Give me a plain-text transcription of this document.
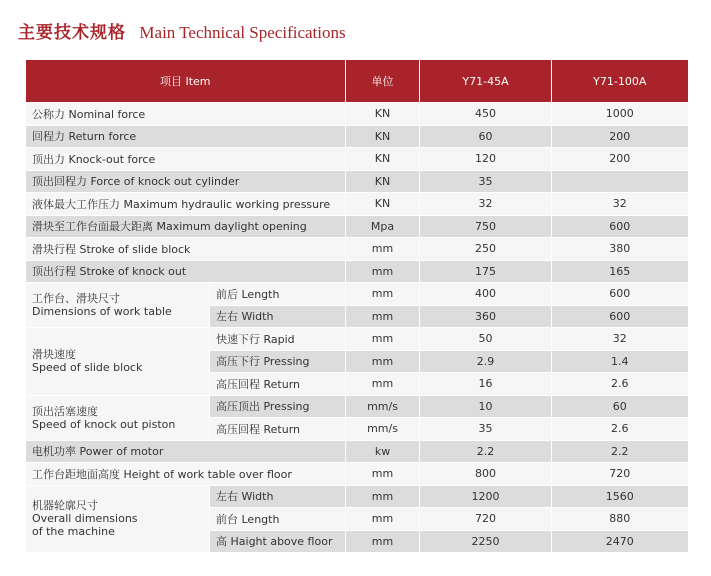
主要技术规格 Main Technical Specifications
项目 Item		单位	Y71-45A	Y71-100A
公称力 Nominal force		KN	450	1000
回程力 Return force		KN	60	200
顶出力 Knock-out force		KN	120	200
顶出回程力 Force of knock out cylinder		KN	35	
液体最大工作压力 Maximum hydraulic working pressure		KN	32	32
滑块至工作台面最大距离 Maximum daylight opening		Mpa	750	600
滑块行程 Stroke of slide block		mm	250	380
顶出行程 Stroke of knock out		mm	175	165

工作台、滑块尺寸
Dimensions of work table	前后 Length	mm	400	600
	左右 Width	mm	360	600

滑块速度
Speed of slide block	快速下行 Rapid	mm	50	32
	高压下行 Pressing	mm	2.9	1.4
	高压回程 Return	mm	16	2.6

顶出活塞速度
Speed of knock out piston	高压顶出 Pressing	mm/s	10	60
	高压回程 Return	mm/s	35	2.6
电机功率 Power of motor		kw	2.2	2.2
工作台距地面高度 Height of work table over floor		mm	800	720

机器轮廓尺寸
Overall dimensions
of the machine	左右 Width	mm	1200	1560
	前台 Length	mm	720	880
	高 Haight above floor	mm	2250	2470
